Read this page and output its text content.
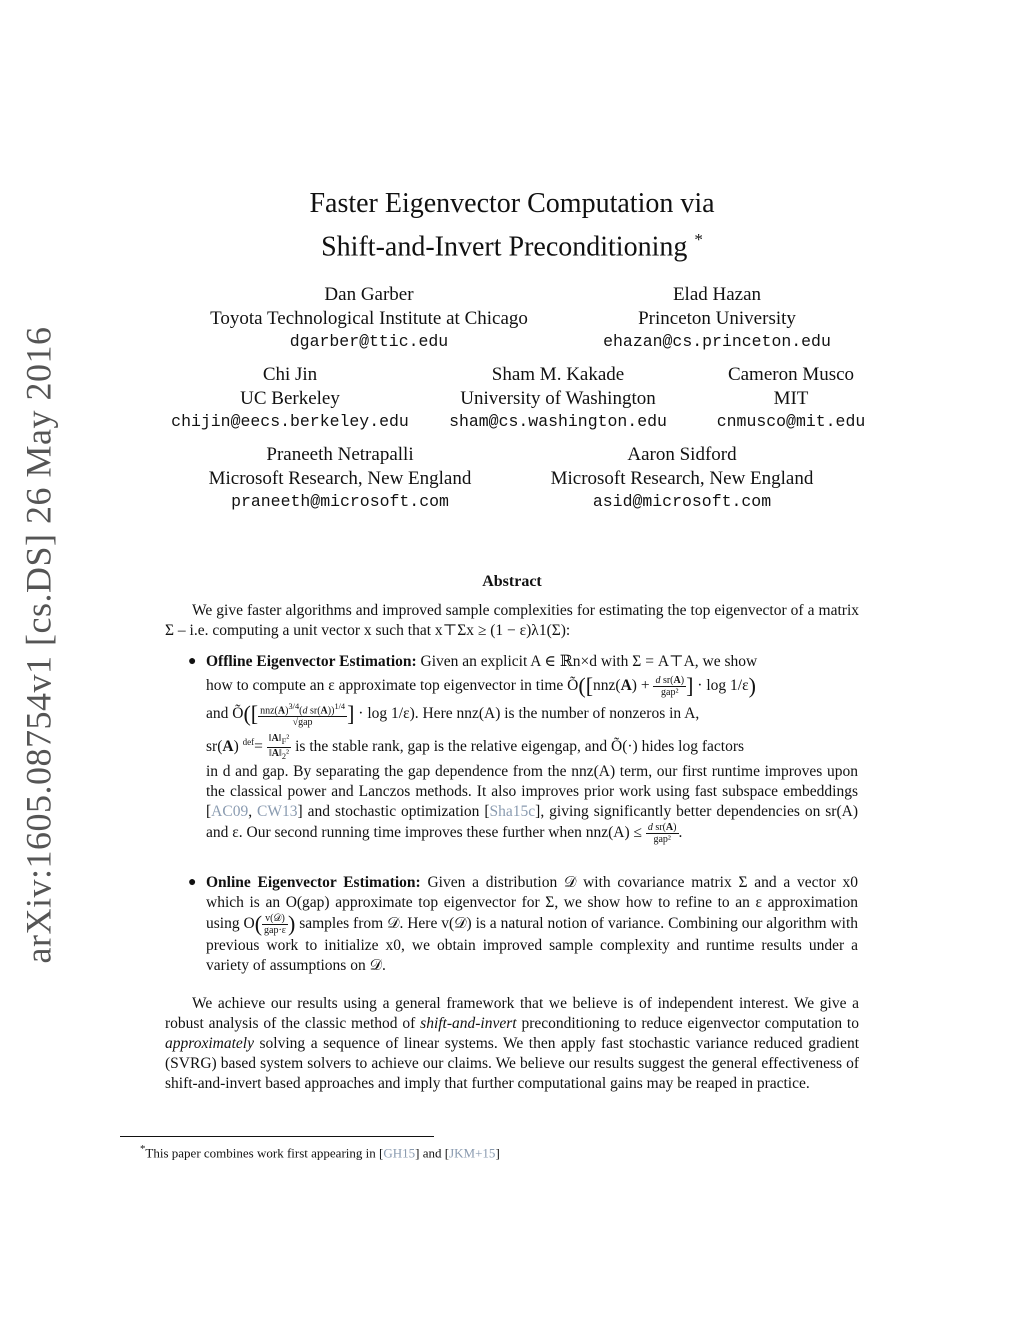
arXiv:1605.08754v1 [cs.DS] 26 May 2016
Faster Eigenvector Computation via
Shift-and-Invert Preconditioning *
Dan Garber
Toyota Technological Institute at Chicago
dgarber@ttic.edu
Elad Hazan
Princeton University
ehazan@cs.princeton.edu
Chi Jin
UC Berkeley
chijin@eecs.berkeley.edu
Sham M. Kakade
University of Washington
sham@cs.washington.edu
Cameron Musco
MIT
cnmusco@mit.edu
Praneeth Netrapalli
Microsoft Research, New England
praneeth@microsoft.com
Aaron Sidford
Microsoft Research, New England
asid@microsoft.com
Abstract
We give faster algorithms and improved sample complexities for estimating the top eigenvector of a matrix Σ – i.e. computing a unit vector x such that x⊤Σx ≥ (1 − ε)λ1(Σ):
● Offline Eigenvector Estimation: Given an explicit A ∈ ℝn×d with Σ = A⊤A, we show
how to compute an ε approximate top eigenvector in time Õ([nnz(A) + $\frac{\text{d sr(A)}}{\text{gap²}}$ ] · log 1/ε)
and Õ([ $\frac{nnz(A)^{3/4}(d sr(A))^{1/4}}{\text{√gap}}$ ] · log 1/ε). Here nnz(A) is the number of nonzeros in A,
sr(A) $^{def}= \frac{‖A‖_F^2}{‖A‖_2^2}$ is the stable rank, gap is the relative eigengap, and Õ(·) hides log factors
in d and gap. By separating the gap dependence from the nnz(A) term, our first runtime improves upon the classical power and Lanczos methods. It also improves prior work using fast subspace embeddings [AC09, CW13] and stochastic optimization [Sha15c], giving significantly better dependencies on sr(A) and ε. Our second running time improves these further when $nnz(A) \le \frac{\text{d sr(A)}}{\text{gap²}}$ .
● Online Eigenvector Estimation: Given a distribution 𝒟 with covariance matrix Σ and a vector x0 which is an O(gap) approximate top eigenvector for Σ, we show how to refine to an ε approximation using $O( \frac{\text{v(𝒟)}}{\text{gap·ε}}$ ) samples from 𝒟. Here v(𝒟) is a natural notion of variance. Combining our algorithm with previous work to initialize x0, we obtain improved sample complexity and runtime results under a variety of assumptions on 𝒟.
We achieve our results using a general framework that we believe is of independent interest. We give a robust analysis of the classic method of shift-and-invert preconditioning to reduce eigenvector computation to approximately solving a sequence of linear systems. We then apply fast stochastic variance reduced gradient (SVRG) based system solvers to achieve our claims. We believe our results suggest the general effectiveness of shift-and-invert based approaches and imply that further computational gains may be reaped in practice.
*This paper combines work first appearing in [GH15] and [JKM+15]
